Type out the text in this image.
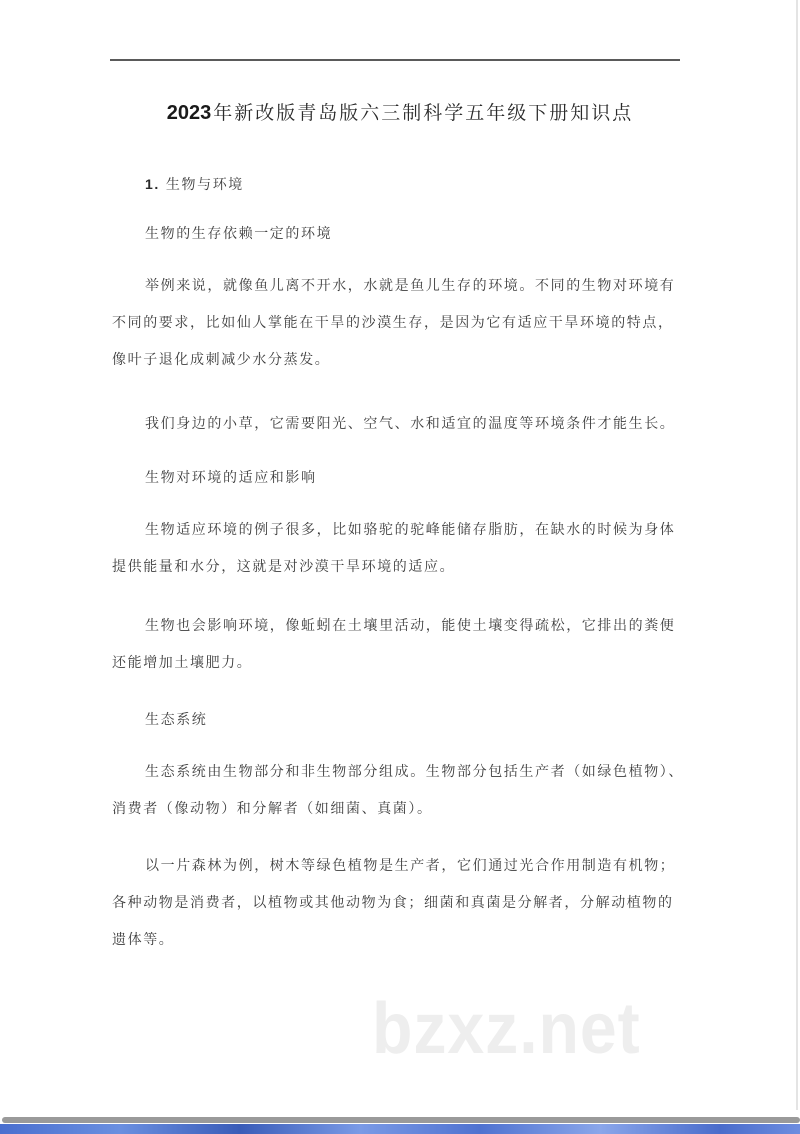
2023 年新改版青岛版六三制科学五年级下册知识点
1. 生物与环境
生物的生存依赖一定的环境
举例来说，就像鱼儿离不开水，水就是鱼儿生存的环境。不同的生物对环境有不同的要求，比如仙人掌能在干旱的沙漠生存，是因为它有适应干旱环境的特点，像叶子退化成刺减少水分蒸发。
我们身边的小草，它需要阳光、空气、水和适宜的温度等环境条件才能生长。
生物对环境的适应和影响
生物适应环境的例子很多，比如骆驼的驼峰能储存脂肪，在缺水的时候为身体提供能量和水分，这就是对沙漠干旱环境的适应。
生物也会影响环境，像蚯蚓在土壤里活动，能使土壤变得疏松，它排出的粪便还能增加土壤肥力。
生态系统
生态系统由生物部分和非生物部分组成。生物部分包括生产者（如绿色植物）、消费者（像动物）和分解者（如细菌、真菌）。
以一片森林为例，树木等绿色植物是生产者，它们通过光合作用制造有机物；各种动物是消费者，以植物或其他动物为食；细菌和真菌是分解者，分解动植物的遗体等。
bzxz.net
